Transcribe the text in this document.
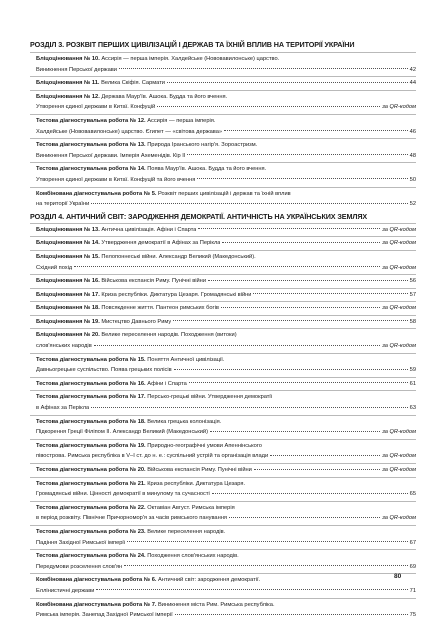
РОЗДІЛ 3. РОЗКВІТ ПЕРШИХ ЦИВІЛІЗАЦІЙ І ДЕРЖАВ ТА ЇХНІЙ ВПЛИВ НА ТЕРИТОРІЇ УКРАЇНИ
Бліцоцінювання № 10. Ассирія — перша імперія. Халдейське (Нововавилонське) царство.
Виникнення Перської держави	42
Бліцоцінювання № 11. Велика Скіфія. Сармати	44
Бліцоцінювання № 12. Держава Маур'їв. Ашока. Будда та його вчення.
Утворення єдиної держави в Китаї. Конфуцій	за QR-кодом
Тестова діагностувальна робота № 12. Ассирія — перша імперія.
Халдейське (Нововавилонське) царство. Єгипет — «світова держава»	46
Тестова діагностувальна робота № 13. Природа Іранського нагір'я. Зороастризм.
Виникнення Перської держави. Імперія Ахеменідів. Кір ІІ	48
Тестова діагностувальна робота № 14. Поява Маур'їв. Ашока. Будда та його вчення.
Утворення єдиної держави в Китаї. Конфуцій та його вчення	50
Комбінована діагностувальна робота № 5. Розквіт перших цивілізацій і держав та їхній вплив
на території України	52
РОЗДІЛ 4. АНТИЧНИЙ СВІТ: ЗАРОДЖЕННЯ ДЕМОКРАТІЇ. АНТИЧНІСТЬ НА УКРАЇНСЬКИХ ЗЕМЛЯХ
Бліцоцінювання № 13. Антична цивілізація. Афіни і Спарта	за QR-кодом
Бліцоцінювання № 14. Утвердження демократії в Афінах за Перікла	за QR-кодом
Бліцоцінювання № 15. Пелопоннеські війни. Александр Великий (Македонський).
Східний похід	за QR-кодом
Бліцоцінювання № 16. Військова експансія Риму. Пунічні війни	56
Бліцоцінювання № 17. Криза республіки. Диктатура Цезаря. Громадянські війни	57
Бліцоцінювання № 18. Повсякденне життя. Пантеон римських богів	за QR-кодом
Бліцоцінювання № 19. Мистецтво Давнього Риму	58
Бліцоцінювання № 20. Велике переселення народів. Походження (витоки)
слов'янських народів	за QR-кодом
Тестова діагностувальна робота № 15. Поняття Античної цивілізації.
Давньогрецьке суспільство. Поява грецьких полісів	59
Тестова діагностувальна робота № 16. Афіни і Спарта	61
Тестова діагностувальна робота № 17. Персько-грецькі війни. Утвердження демократії
в Афінах за Перікла	63
Тестова діагностувальна робота № 18. Велика грецька колонізація.
Підкорення Греції Філіпом ІІ. Александр Великий (Македонський)	за QR-кодом
Тестова діагностувальна робота № 19. Природно-географічні умови Апеннінського
півострова. Римська республіка в V–I ст. до н. е.: суспільний устрій та організація влади	за QR-кодом
Тестова діагностувальна робота № 20. Військова експансія Риму. Пунічні війни	за QR-кодом
Тестова діагностувальна робота № 21. Криза республіки. Диктатура Цезаря.
Громадянські війни. Цінності демократії в минулому та сучасності	65
Тестова діагностувальна робота № 22. Октавіан Август. Римська імперія
в період розквіту. Північне Причорномор'я за часів римського панування	за QR-кодом
Тестова діагностувальна робота № 23. Велике переселення народів.
Падіння Західної Римської імперії	67
Тестова діагностувальна робота № 24. Походження слов'янських народів.
Передумови розселення слов'ян	69
Комбінована діагностувальна робота № 6. Античний світ: зародження демократії.
Еллінистичні держави	71
Комбінована діагностувальна робота № 7. Виникнення міста Рим. Римська республіка.
Римська імперія. Занепад Західної Римської імперії	75
80
